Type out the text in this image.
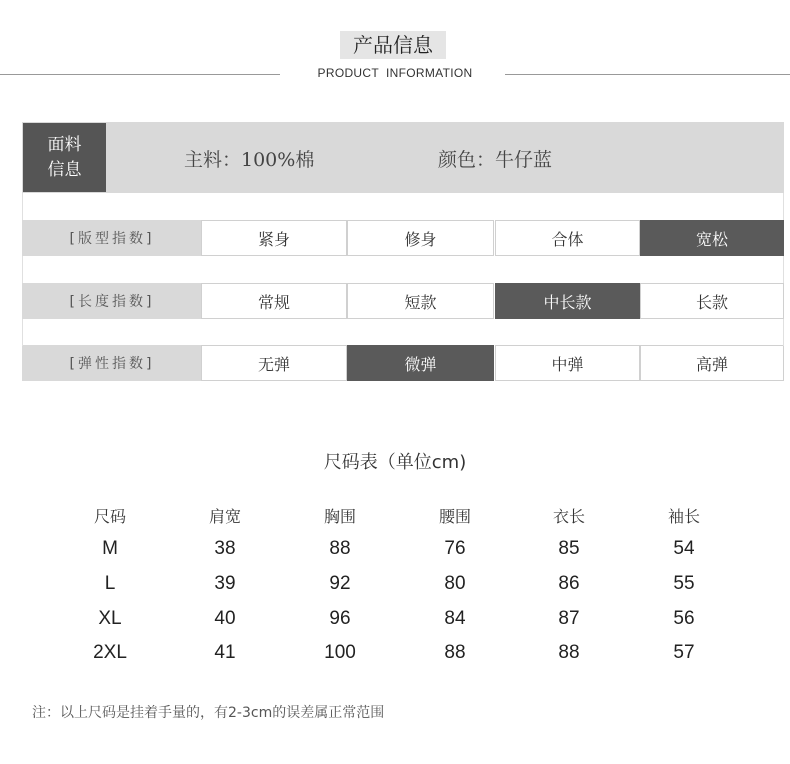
产品信息
PRODUCT  INFORMATION
面料
信息	主料：100%棉	颜色：牛仔蓝
[版型指数]	紧身	修身	合体	宽松
[长度指数]	常规	短款	中长款	长款
[弹性指数]	无弹	微弹	中弹	高弹
尺码表（单位cm)
尺码	肩宽	胸围	腰围	衣长	袖长
M	38	88	76	85	54
L	39	92	80	86	55
XL	40	96	84	87	56
2XL	41	100	88	88	57
注：以上尺码是挂着手量的，有2-3cm的误差属正常范围
